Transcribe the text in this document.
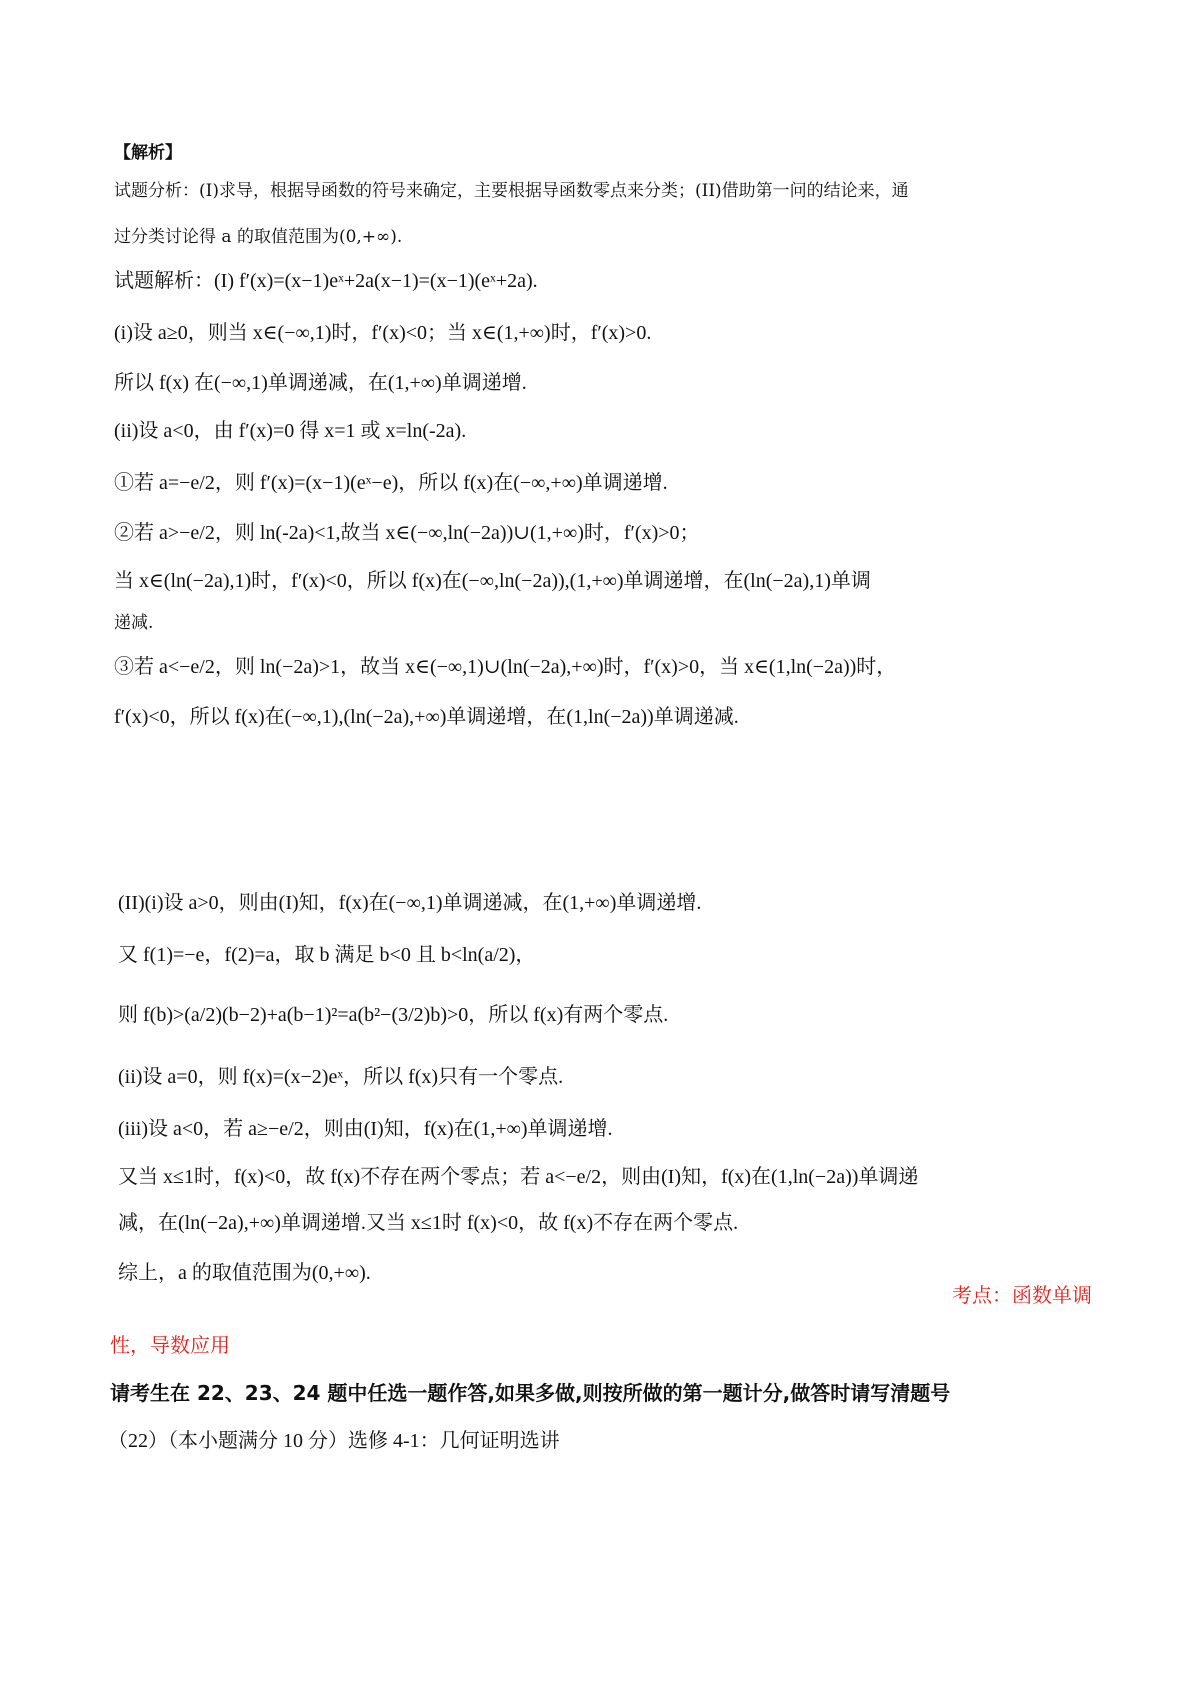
【解析】
试题分析：(I)求导，根据导函数的符号来确定，主要根据导函数零点来分类；(II)借助第一问的结论来，通
过分类讨论得 a 的取值范围为(0,+∞).
试题解析：(I) f′(x)=(x−1)eˣ+2a(x−1)=(x−1)(eˣ+2a).
(i)设 a≥0，则当 x∈(−∞,1)时，f′(x)<0；当 x∈(1,+∞)时，f′(x)>0.
所以 f(x) 在(−∞,1)单调递减，在(1,+∞)单调递增.
(ii)设 a<0，由 f′(x)=0 得 x=1 或 x=ln(-2a).
①若 a=−e/2，则 f′(x)=(x−1)(eˣ−e)，所以 f(x)在(−∞,+∞)单调递增.
②若 a>−e/2，则 ln(-2a)<1,故当 x∈(−∞,ln(−2a))∪(1,+∞)时，f′(x)>0；
当 x∈(ln(−2a),1)时，f′(x)<0，所以 f(x)在(−∞,ln(−2a)),(1,+∞)单调递增，在(ln(−2a),1)单调
递减.
③若 a<−e/2，则 ln(−2a)>1，故当 x∈(−∞,1)∪(ln(−2a),+∞)时，f′(x)>0，当 x∈(1,ln(−2a))时，
f′(x)<0，所以 f(x)在(−∞,1),(ln(−2a),+∞)单调递增，在(1,ln(−2a))单调递减.
(II)(i)设 a>0，则由(I)知，f(x)在(−∞,1)单调递减，在(1,+∞)单调递增.
又 f(1)=−e，f(2)=a，取 b 满足 b<0 且 b<ln(a/2)，
则 f(b)>(a/2)(b−2)+a(b−1)²=a(b²−(3/2)b)>0，所以 f(x)有两个零点.
(ii)设 a=0，则 f(x)=(x−2)eˣ，所以 f(x)只有一个零点.
(iii)设 a<0，若 a≥−e/2，则由(I)知，f(x)在(1,+∞)单调递增.
又当 x≤1时，f(x)<0，故 f(x)不存在两个零点；若 a<−e/2，则由(I)知，f(x)在(1,ln(−2a))单调递
减，在(ln(−2a),+∞)单调递增.又当 x≤1时 f(x)<0，故 f(x)不存在两个零点.
综上，a 的取值范围为(0,+∞).
考点：函数单调
性，导数应用
请考生在 22、23、24 题中任选一题作答,如果多做,则按所做的第一题计分,做答时请写清题号
（22）（本小题满分 10 分）选修 4-1：几何证明选讲
